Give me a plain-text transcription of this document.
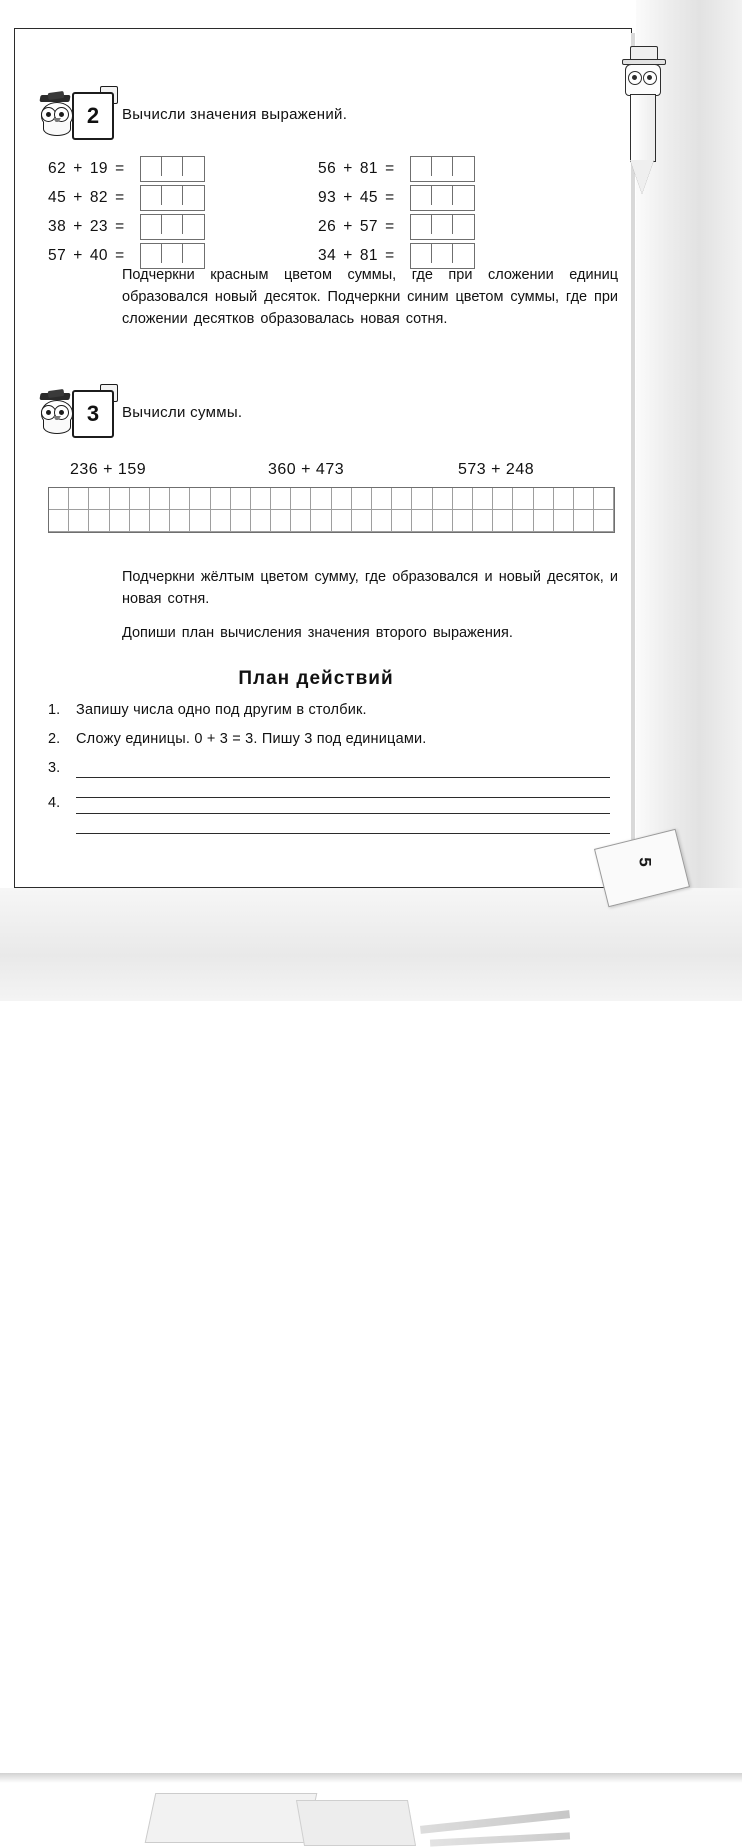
2	Вычисли значения выражений.
62 + 19 =
45 + 82 =
38 + 23 =
57 + 40 =
56 + 81 =
93 + 45 =
26 + 57 =
34 + 81 =
Подчеркни красным цветом суммы, где при сложении единиц образовался новый десяток. Подчеркни синим цветом суммы, где при сложении десятков образовалась новая сотня.
3	Вычисли суммы.
236 + 159	360 + 473	573 + 248
Подчеркни жёлтым цветом сумму, где образовался и новый десяток, и новая сотня.
Допиши план вычисления значения второго выражения.
План действий
1. Запишу числа одно под другим в столбик.
2. Сложу единицы. 0 + 3 = 3. Пишу 3 под единицами.
3.
4.
5
